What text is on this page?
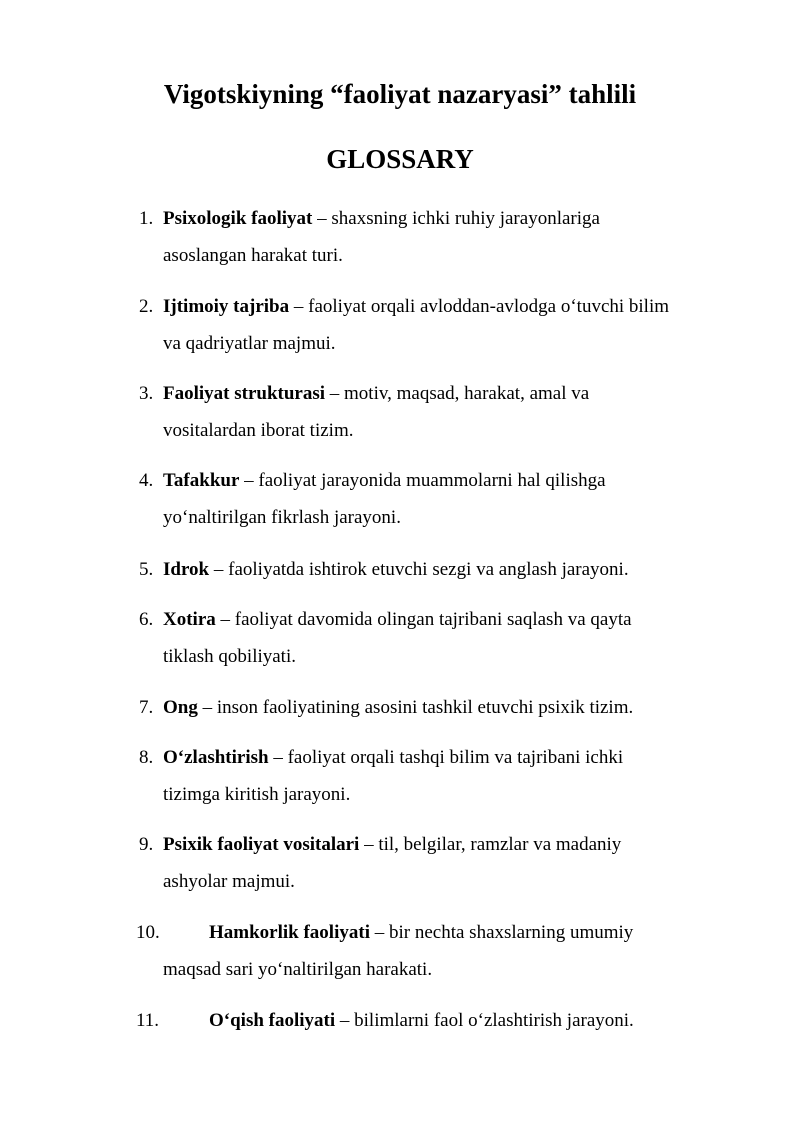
Vigotskiyning “faoliyat nazaryasi” tahlili
GLOSSARY
1. Psixologik faoliyat – shaxsning ichki ruhiy jarayonlariga
asoslangan harakat turi.
2. Ijtimoiy tajriba – faoliyat orqali avloddan-avlodga o‘tuvchi bilim
va qadriyatlar majmui.
3. Faoliyat strukturasi – motiv, maqsad, harakat, amal va
vositalardan iborat tizim.
4. Tafakkur – faoliyat jarayonida muammolarni hal qilishga
yo‘naltirilgan fikrlash jarayoni.
5. Idrok – faoliyatda ishtirok etuvchi sezgi va anglash jarayoni.
6. Xotira – faoliyat davomida olingan tajribani saqlash va qayta
tiklash qobiliyati.
7. Ong – inson faoliyatining asosini tashkil etuvchi psixik tizim.
8. O‘zlashtirish – faoliyat orqali tashqi bilim va tajribani ichki
tizimga kiritish jarayoni.
9. Psixik faoliyat vositalari – til, belgilar, ramzlar va madaniy
ashyolar majmui.
10.	Hamkorlik faoliyati – bir nechta shaxslarning umumiy
maqsad sari yo‘naltirilgan harakati.
11.	O‘qish faoliyati – bilimlarni faol o‘zlashtirish jarayoni.
